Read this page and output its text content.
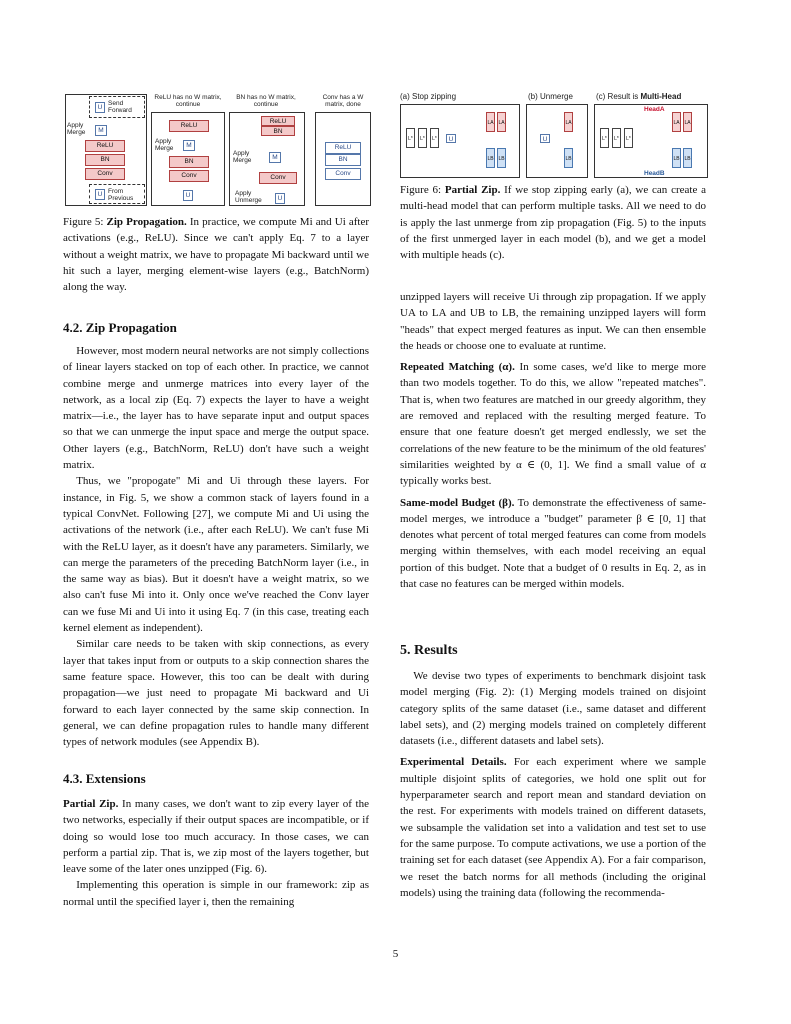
U
Send Forward
Apply Merge	M
ReLU
BN
Conv
U From Previous
ReLU has no W matrix, continue
ReLU
Apply Merge	M
BN
Conv
U
BN has no W matrix, continue
ReLU
BN
Apply Merge	M
Conv
Apply Unmerge	U
Conv has a W matrix, done
ReLU
BN
Conv
Figure 5: Zip Propagation. In practice, we compute Mi and Ui after activations (e.g., ReLU). Since we can't apply Eq. 7 to a layer without a weight matrix, we have to propagate Mi backward until we hit such a layer, merging element-wise layers (e.g., BatchNorm) along the way.
(a) Stop zipping	(b) Unmerge	(c) Result is Multi-Head
L*	L*	L*	U
LA LA
LB LB
LA
U
LB
HeadA
HeadB
L*	L*	L*
LA LA
LB LB
Figure 6: Partial Zip. If we stop zipping early (a), we can create a multi-head model that can perform multiple tasks. All we need to do is apply the last unmerge from zip propagation (Fig. 5) to the inputs of the first unmerged layer in each model (b), and we get a model with multiple heads (c).
4.2. Zip Propagation

However, most modern neural networks are not simply collections of linear layers stacked on top of each other. In practice, we cannot combine merge and unmerge matrices into every layer of the network, as a local zip (Eq. 7) expects the layer to have a weight matrix—i.e., the layer has to have separate input and output spaces so that we can unmerge the input space and merge the output space. Other layers (e.g., BatchNorm, ReLU) don't have such a weight matrix.

Thus, we "propogate" Mi and Ui through these layers. For instance, in Fig. 5, we show a common stack of layers found in a typical ConvNet. Following [27], we compute Mi and Ui using the activations of the network (i.e., after each ReLU). We can't fuse Mi with the ReLU layer, as it doesn't have any parameters. Similarly, we can merge the parameters of the preceding BatchNorm layer (i.e., in the same way as bias). But it doesn't have a weight matrix, so we also can't fuse Mi into it. Only once we've reached the Conv layer can we fuse Mi and Ui into it using Eq. 7 (in this case, treating each kernel element as independent).

Similar care needs to be taken with skip connections, as every layer that takes input from or outputs to a skip connection shares the same feature space. However, this too can be dealt with during propagation—we just need to propagate Mi backward and Ui forward to each layer connected by the same skip connection. In general, we can define propagation rules to handle many different types of network modules (see Appendix B).

4.3. Extensions

Partial Zip. In many cases, we don't want to zip every layer of the two networks, especially if their output spaces are incompatible, or if doing so would lose too much accuracy. In those cases, we can perform a partial zip. That is, we zip most of the layers together, but leave some of the later ones unzipped (Fig. 6).

Implementing this operation is simple in our framework: zip as normal until the specified layer i, then the remaining

unzipped layers will receive Ui through zip propagation. If we apply UA to LA and UB to LB, the remaining unzipped layers will form "heads" that expect merged features as input. We can then ensemble the heads or choose one to evaluate at runtime.

Repeated Matching (α). In some cases, we'd like to merge more than two models together. To do this, we allow "repeated matches". That is, when two features are matched in our greedy algorithm, they are removed and replaced with the resulting merged feature. To ensure that one feature doesn't get merged endlessly, we set the correlations of the new feature to be the minimum of the old features' similarities weighted by α ∈ (0, 1]. We find a small value of α typically works best.

Same-model Budget (β). To demonstrate the effectiveness of same-model merges, we introduce a "budget" parameter β ∈ [0, 1] that denotes what percent of total merged features can come from models merging within themselves, with each model receiving an equal portion of this budget. Note that a budget of 0 results in Eq. 2, as in that case no features can be merged within models.

5. Results

We devise two types of experiments to benchmark disjoint task model merging (Fig. 2): (1) Merging models trained on disjoint category splits of the same dataset (i.e., same dataset and different label sets), and (2) merging models trained on completely different datasets (i.e., different datasets and label sets).

Experimental Details. For each experiment where we sample multiple disjoint splits of categories, we hold one split out for hyperparameter search and report mean and standard deviation on the rest. For experiments with models trained on different datasets, we subsample the validation set into a validation and test set to use for the same purpose. To compute activations, we use a portion of the training set for each dataset (see Appendix A). For a fair comparison, we reset the batch norms for all methods (including the original models) using the training data (following the recommenda-

5
